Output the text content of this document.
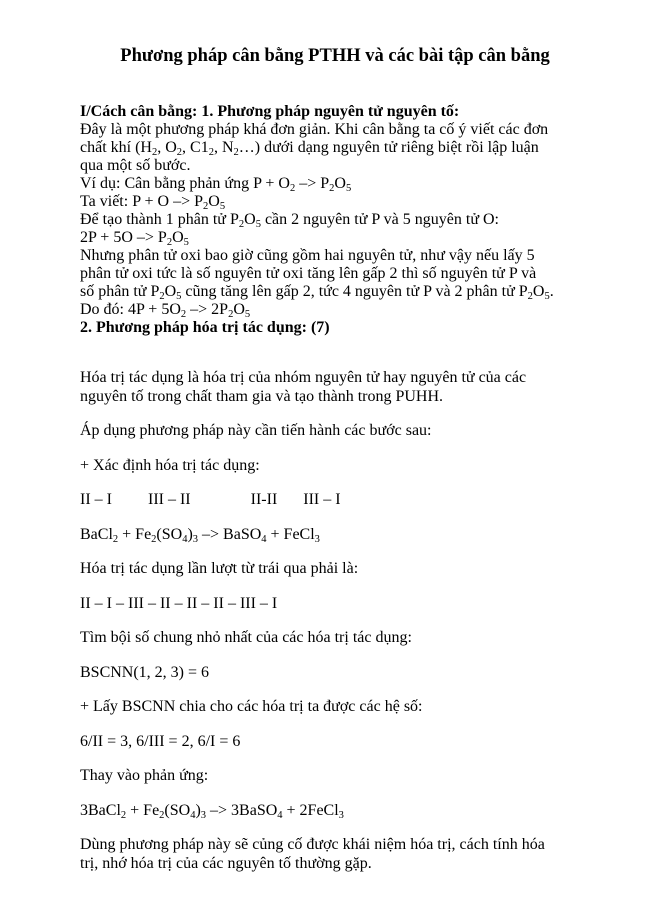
Phương pháp cân bằng PTHH và các bài tập cân bằng

I/Cách cân bằng: 1. Phương pháp nguyên tử nguyên tố:

Đây là một phương pháp khá đơn giản. Khi cân bằng ta cố ý viết các đơn
chất khí ($H_2$, $O_2$, $C1_2$, $N_2\dots$) dưới dạng nguyên tử riêng biệt rồi lập luận
qua một số bước.

Ví dụ: Cân bằng phản ứng $P + O_2 -> P_2O_5$

Ta viết: $P + O -> P_2O_5$

Để tạo thành 1 phân tử $P_2O_5$ cần 2 nguyên tử P và 5 nguyên tử O:

$2P + 5O -> P_2O_5$

Nhưng phân tử oxi bao giờ cũng gồm hai nguyên tử, như vậy nếu lấy 5
phân tử oxi tức là số nguyên tử oxi tăng lên gấp 2 thì số nguyên tử P và
số phân tử $P_2O_5$ cũng tăng lên gấp 2, tức 4 nguyên tử P và 2 phân tử $P_2O_5$.

Do đó: $4P + 5O_2 -> 2P_2O_5$

2. Phương pháp hóa trị tác dụng: (7)

Hóa trị tác dụng là hóa trị của nhóm nguyên tử hay nguyên tử của các
nguyên tố trong chất tham gia và tạo thành trong PUHH.

Áp dụng phương pháp này cần tiến hành các bước sau:

+ Xác định hóa trị tác dụng:

II – I III – II	II-II III – I

BaCl$_2$ + $Fe_2(SO_4)_3$ –> BaSO$_4$ + FeCl$_3$

Hóa trị tác dụng lần lượt từ trái qua phải là:

II – I – III – II – II – II – III – I

Tìm bội số chung nhỏ nhất của các hóa trị tác dụng:

BSCNN(1, 2, 3) = 6

+ Lấy BSCNN chia cho các hóa trị ta được các hệ số:

6/II = 3, 6/III = 2, 6/I = 6

Thay vào phản ứng:

3BaCl$_2$ + $Fe_2(SO_4)_3$ –> 3BaSO$_4$ + 2FeCl$_3$

Dùng phương pháp này sẽ củng cố được khái niệm hóa trị, cách tính hóa
trị, nhớ hóa trị của các nguyên tố thường gặp.
